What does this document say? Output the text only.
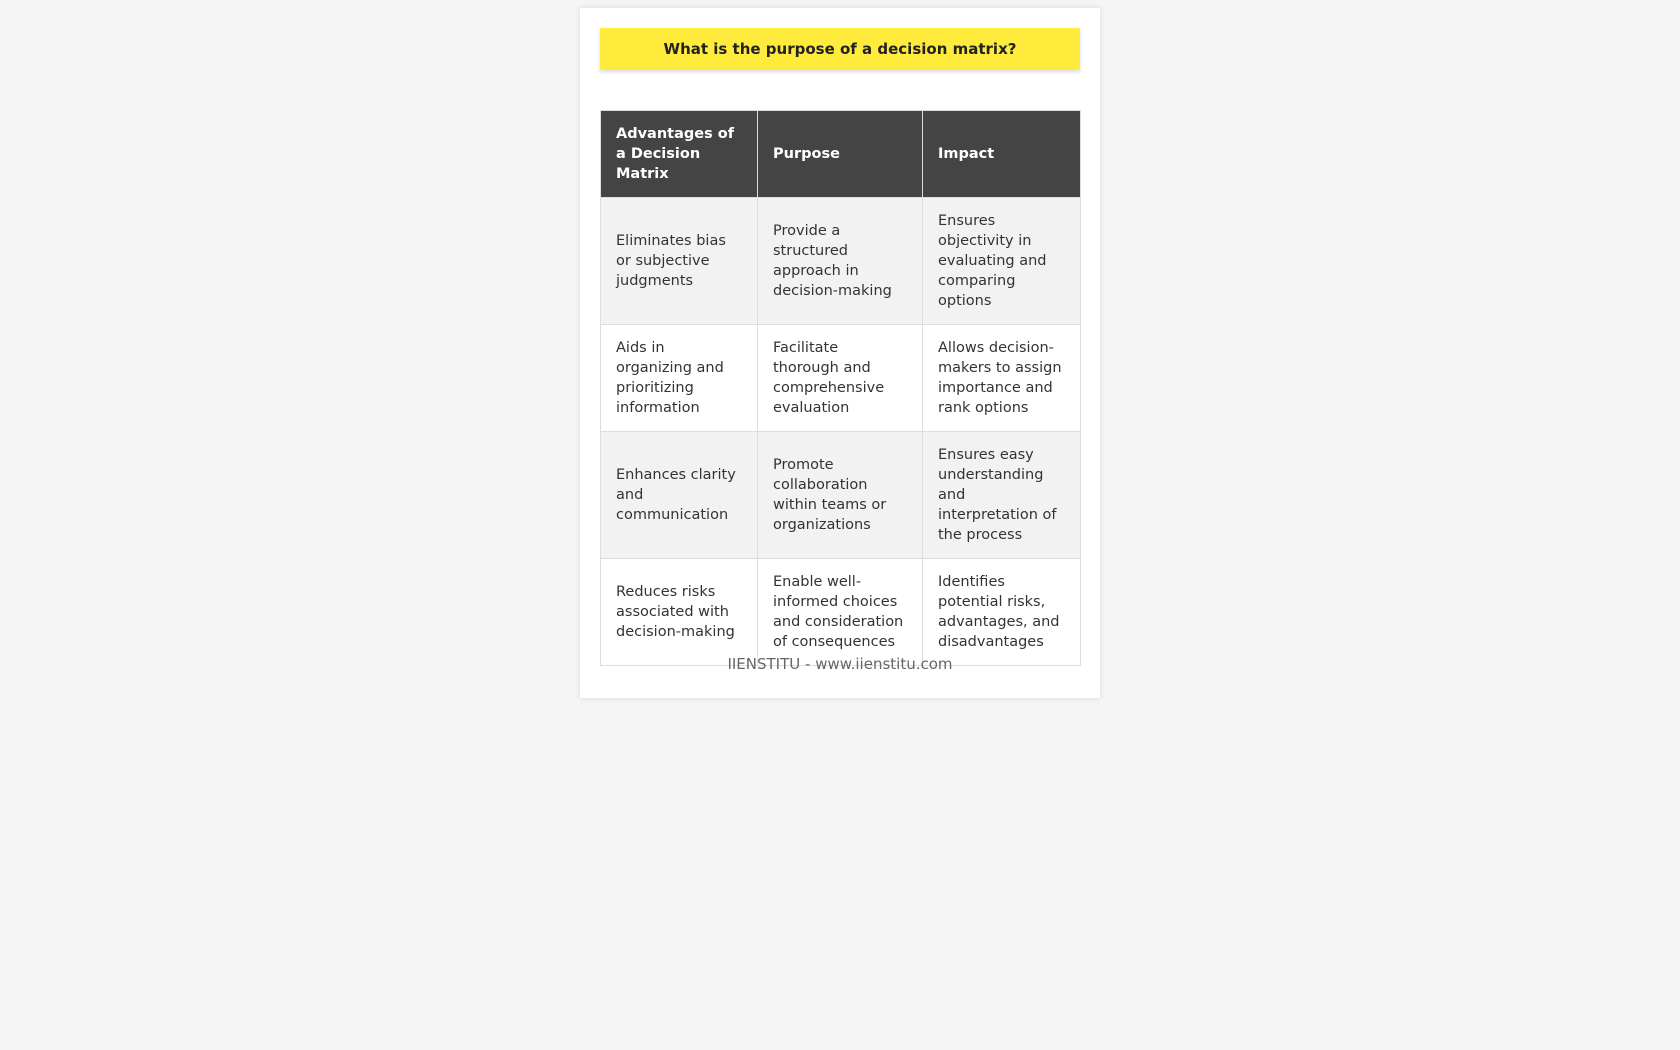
What is the purpose of a decision matrix?
Advantages of a Decision Matrix	Purpose	Impact
Eliminates bias or subjective judgments	Provide a structured approach in decision-making	Ensures objectivity in evaluating and comparing options
Aids in organizing and prioritizing information	Facilitate thorough and comprehensive evaluation	Allows decision-makers to assign importance and rank options
Enhances clarity and communication	Promote collaboration within teams or organizations	Ensures easy understanding and interpretation of the process
Reduces risks associated with decision-making	Enable well-informed choices and consideration of consequences	Identifies potential risks, advantages, and disadvantages
IIENSTITU - www.iienstitu.com
